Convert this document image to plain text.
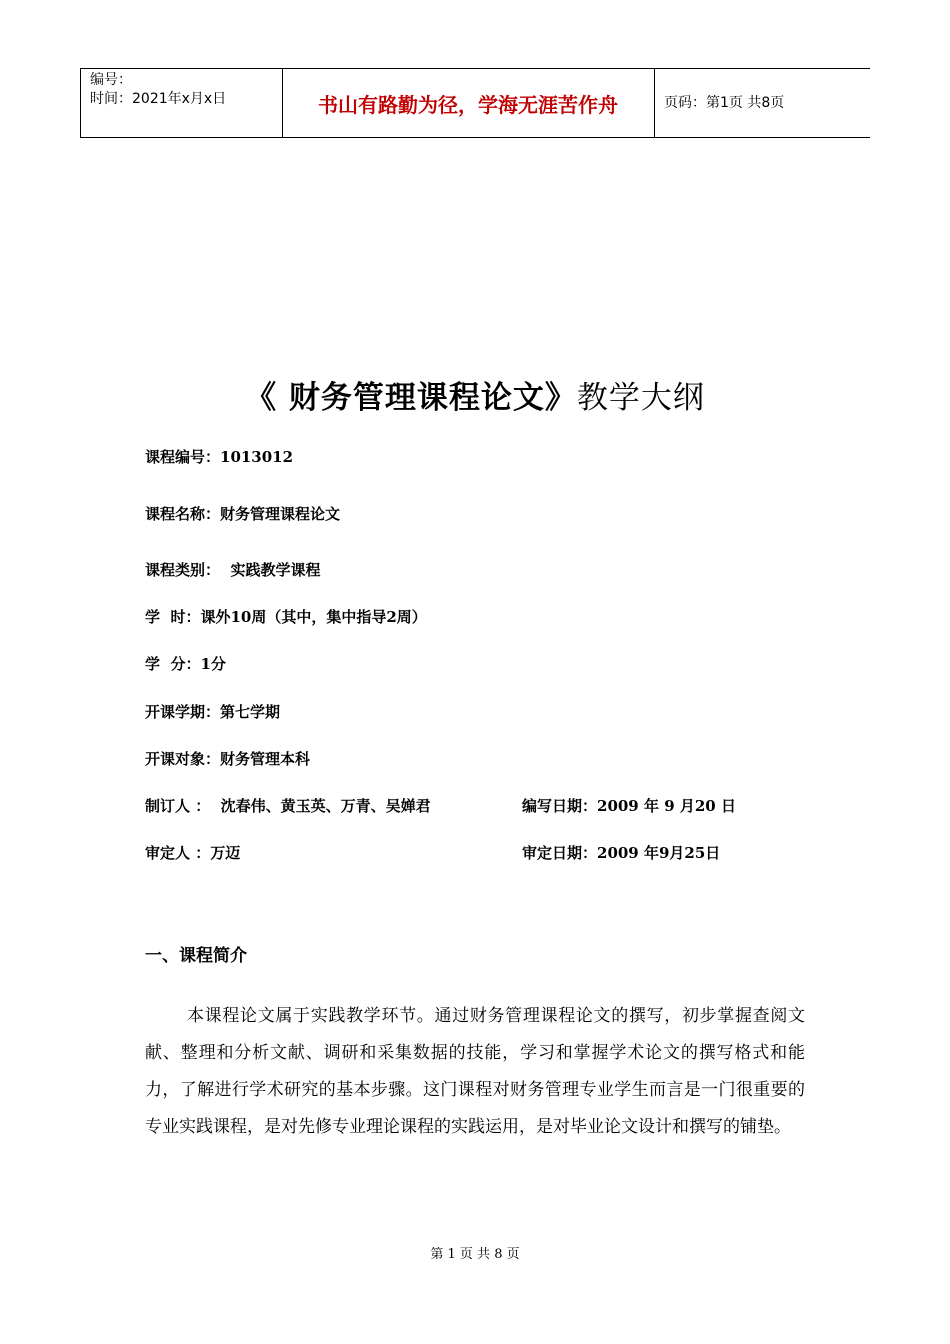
编号：
时间：2021年x月x日	书山有路勤为径，学海无涯苦作舟	页码：第1页 共8页
《 财务管理课程论文》教学大纲
课程编号：1013012
课程名称：财务管理课程论文
课程类别：  实践教学课程
学  时：课外10周（其中，集中指导2周）
学  分：1分
开课学期：第七学期
开课对象：财务管理本科
制订人 ：  沈春伟、黄玉英、万青、吴婵君	编写日期：2009 年 9 月20 日
审定人 ：万迈	审定日期：2009 年9月25日
一、课程简介
本课程论文属于实践教学环节。通过财务管理课程论文的撰写，初步掌握查阅文献、整理和分析文献、调研和采集数据的技能，学习和掌握学术论文的撰写格式和能力，了解进行学术研究的基本步骤。这门课程对财务管理专业学生而言是一门很重要的专业实践课程，是对先修专业理论课程的实践运用，是对毕业论文设计和撰写的铺垫。
第 1 页 共 8 页
